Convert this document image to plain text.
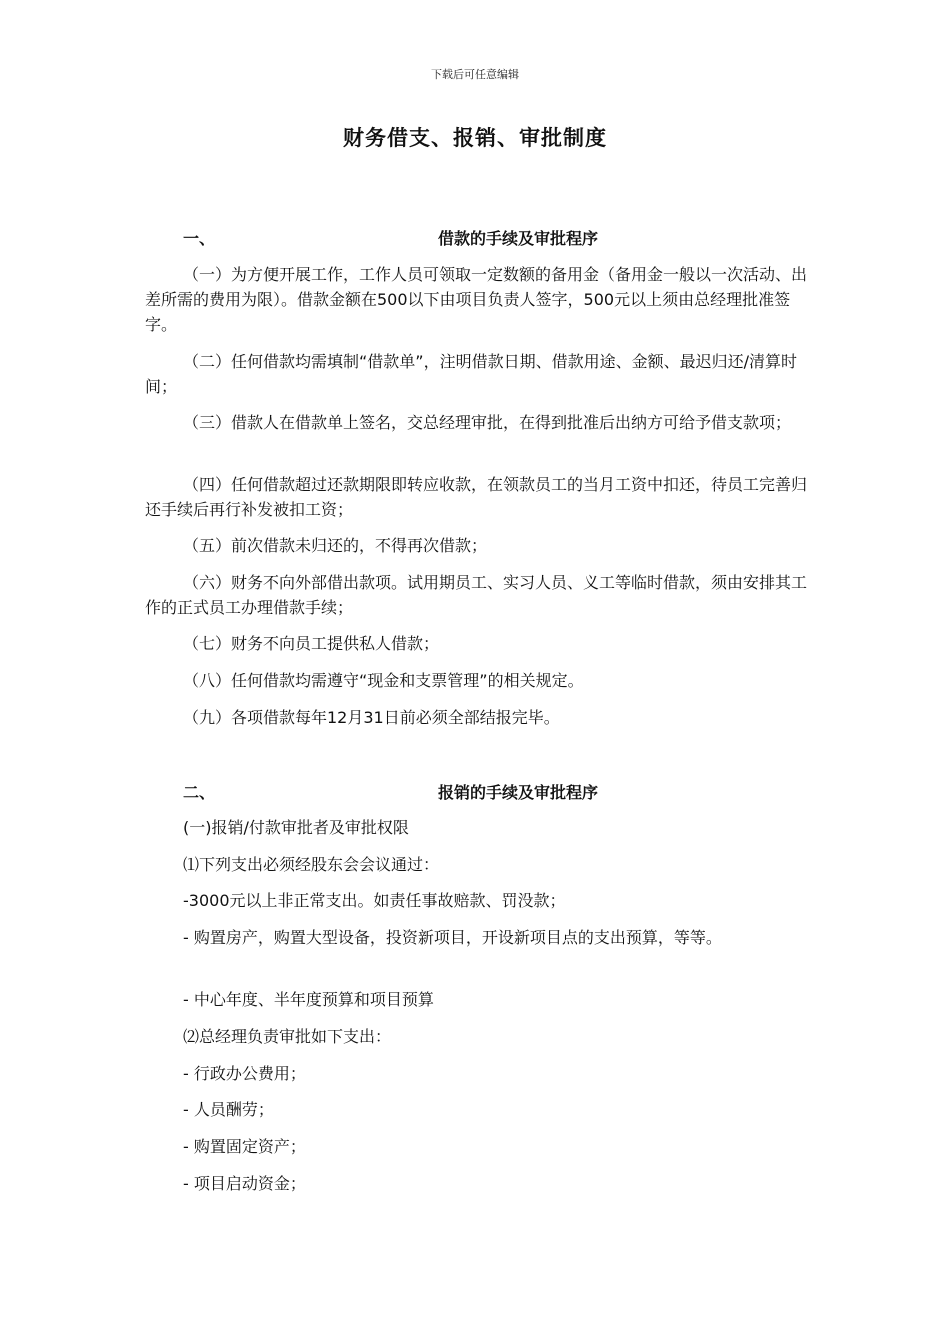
下载后可任意编辑
财务借支、报销、审批制度
一、	借款的手续及审批程序

（一）为方便开展工作，工作人员可领取一定数额的备用金（备用金一般以一次活动、出差所需的费用为限）。借款金额在500以下由项目负责人签字，500元以上须由总经理批准签字。

（二）任何借款均需填制“借款单”，注明借款日期、借款用途、金额、最迟归还/清算时间；

（三）借款人在借款单上签名，交总经理审批，在得到批准后出纳方可给予借支款项；

（四）任何借款超过还款期限即转应收款，在领款员工的当月工资中扣还，待员工完善归还手续后再行补发被扣工资；

（五）前次借款未归还的，不得再次借款；

（六）财务不向外部借出款项。试用期员工、实习人员、义工等临时借款，须由安排其工作的正式员工办理借款手续；

（七）财务不向员工提供私人借款；

（八）任何借款均需遵守“现金和支票管理”的相关规定。

（九）各项借款每年12月31日前必须全部结报完毕。

二、	报销的手续及审批程序

(一)报销/付款审批者及审批权限

⑴下列支出必须经股东会会议通过：

-3000元以上非正常支出。如责任事故赔款、罚没款；

- 购置房产，购置大型设备，投资新项目，开设新项目点的支出预算，等等。

- 中心年度、半年度预算和项目预算

⑵总经理负责审批如下支出：

- 行政办公费用；

- 人员酬劳；

- 购置固定资产；

- 项目启动资金；
